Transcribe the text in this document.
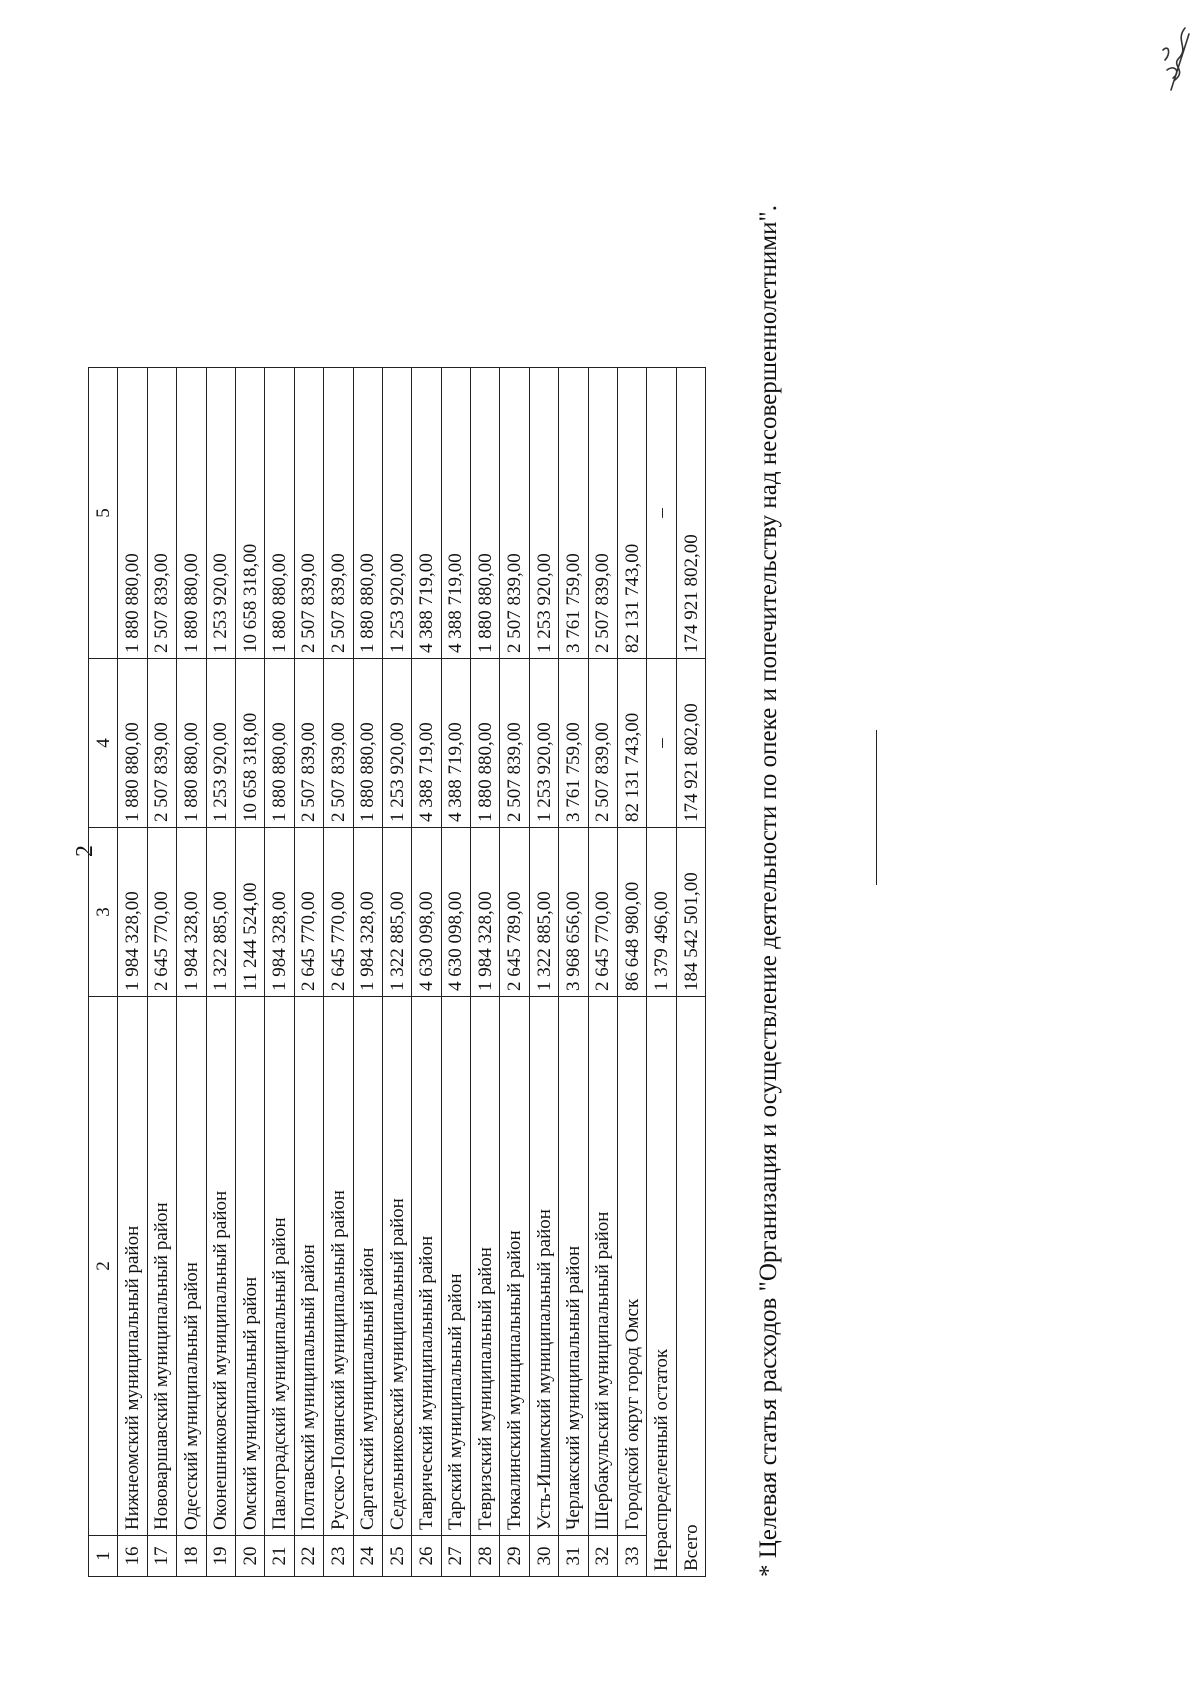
2
1	2	3	4	5
16	Нижнеомский муниципальный район	1 984 328,00	1 880 880,00	1 880 880,00
17	Нововаршавский муниципальный район	2 645 770,00	2 507 839,00	2 507 839,00
18	Одесский муниципальный район	1 984 328,00	1 880 880,00	1 880 880,00
19	Оконешниковский муниципальный район	1 322 885,00	1 253 920,00	1 253 920,00
20	Омский муниципальный район	11 244 524,00	10 658 318,00	10 658 318,00
21	Павлоградский муниципальный район	1 984 328,00	1 880 880,00	1 880 880,00
22	Полтавский муниципальный район	2 645 770,00	2 507 839,00	2 507 839,00
23	Русско-Полянский муниципальный район	2 645 770,00	2 507 839,00	2 507 839,00
24	Саргатский муниципальный район	1 984 328,00	1 880 880,00	1 880 880,00
25	Седельниковский муниципальный район	1 322 885,00	1 253 920,00	1 253 920,00
26	Таврический муниципальный район	4 630 098,00	4 388 719,00	4 388 719,00
27	Тарский муниципальный район	4 630 098,00	4 388 719,00	4 388 719,00
28	Тевризский муниципальный район	1 984 328,00	1 880 880,00	1 880 880,00
29	Тюкалинский муниципальный район	2 645 789,00	2 507 839,00	2 507 839,00
30	Усть-Ишимский муниципальный район	1 322 885,00	1 253 920,00	1 253 920,00
31	Черлакский муниципальный район	3 968 656,00	3 761 759,00	3 761 759,00
32	Шербакульский муниципальный район	2 645 770,00	2 507 839,00	2 507 839,00
33	Городской округ город Омск	86 648 980,00	82 131 743,00	82 131 743,00
Нераспределенный остаток		1 379 496,00	–	–
Всего		184 542 501,00	174 921 802,00	174 921 802,00 * Целевая статья расходов "Организация и осуществление деятельности по опеке и попечительству над несовершеннолетними".
